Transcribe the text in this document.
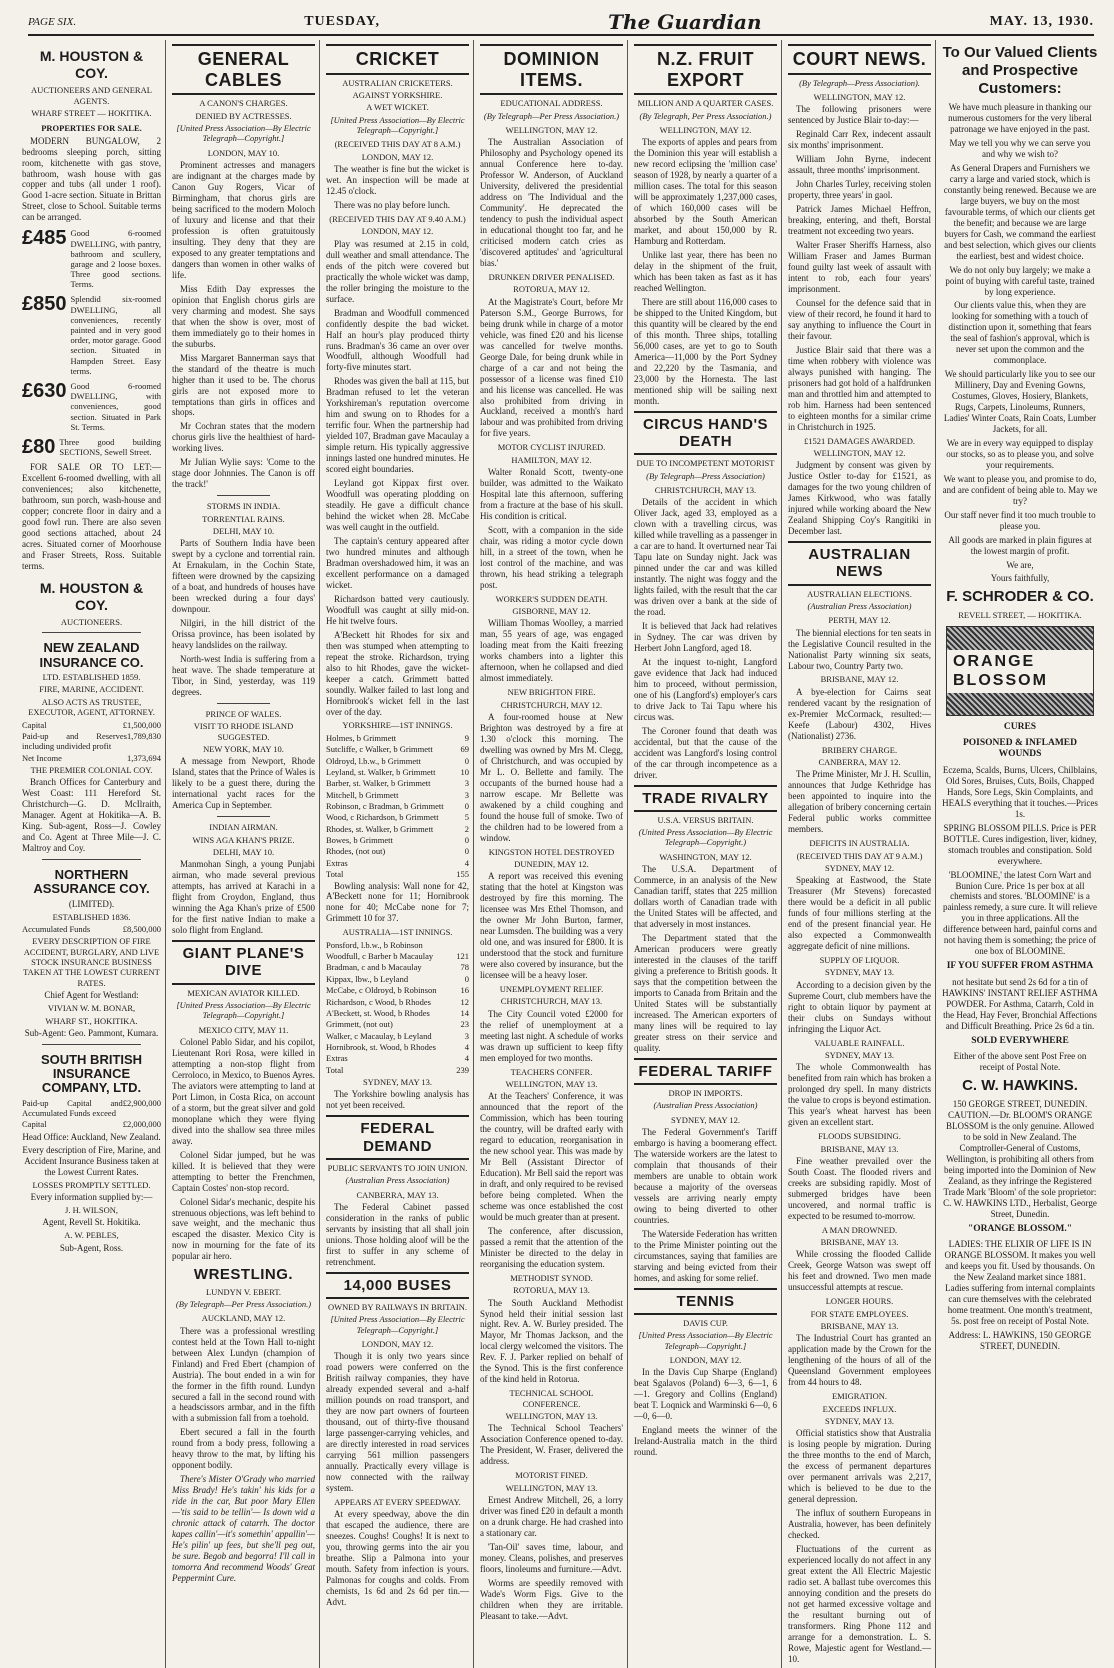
PAGE SIX.	TUESDAY,	The Guardian	MAY. 13, 1930.
M. HOUSTON & COY.
AUCTIONEERS AND GENERAL AGENTS.
WHARF STREET — HOKITIKA.
PROPERTIES FOR SALE.

MODERN BUNGALOW, 2 bedrooms sleeping porch, sitting room, kitchenette with gas stove, bathroom, wash house with gas copper and tubs (all under 1 roof). Good 1-acre section. Situate in Brittan Street, close to School. Suitable terms can be arranged.

£485 Good 6-roomed DWELLING, with pantry, bathroom and scullery, garage and 2 loose boxes. Three good sections. Terms.
£850 Splendid six-roomed DWELLING, all conveniences, recently painted and in very good order, motor garage. Good section. Situated in Hampden Street. Easy terms.
£630 Good 6-roomed DWELLING, with conveniences, good section. Situated in Park St. Terms.
£80 Three good building SECTIONS, Sewell Street.

FOR SALE OR TO LET:—Excellent 6-roomed dwelling, with all conveniences; also kitchenette, bathroom, sun porch, wash-house and copper; concrete floor in dairy and a good fowl run. There are also seven good sections attached, about 24 acres. Situated corner of Moorhouse and Fraser Streets, Ross. Suitable terms.

M. HOUSTON & COY.
AUCTIONEERS.
NEW ZEALAND INSURANCE CO.
LTD. ESTABLISHED 1859.
FIRE, MARINE, ACCIDENT.
ALSO ACTS AS TRUSTEE, EXECUTOR, AGENT, ATTORNEY.
Capital	£1,500,000
Paid-up and Reserves including undivided profit
1,789,830
Net Income	1,373,694
THE PREMIER COLONIAL COY.

Branch Offices for Canterbury and West Coast: 111 Hereford St. Christchurch—G. D. McIlraith, Manager. Agent at Hokitika—A. B. King. Sub-agent, Ross—J. Cowley and Co. Agent at Three Mile—J. C. Maltroy and Coy.

NORTHERN ASSURANCE COY.
(LIMITED).
ESTABLISHED 1836.
Accumulated Funds	£8,500,000
EVERY DESCRIPTION OF FIRE ACCIDENT, BURGLARY, AND LIVE STOCK INSURANCE BUSINESS TAKEN AT THE LOWEST CURRENT RATES.
Chief Agent for Westland:
VIVIAN W. M. BONAR,
WHARF ST., HOKITIKA.
Sub-Agent: Geo. Pammont, Kumara.
SOUTH BRITISH INSURANCE COMPANY, LTD.
Paid-up Capital and Accumulated Funds exceed
£2,900,000
Capital	£2,000,000
Head Office: Auckland, New Zealand.
Every description of Fire, Marine, and Accident Insurance Business taken at the Lowest Current Rates.
LOSSES PROMPTLY SETTLED.
Every information supplied by:—
J. H. WILSON,
Agent, Revell St. Hokitika.
A. W. PEBLES,
Sub-Agent, Ross.
GENERAL CABLES
A CANON'S CHARGES.
DENIED BY ACTRESSES.
[United Press Association—By Electric Telegraph—Copyright.]
LONDON, MAY 10.

Prominent actresses and managers are indignant at the charges made by Canon Guy Rogers, Vicar of Birmingham, that chorus girls are being sacrificed to the modern Moloch of luxury and license and that their profession is often gratuitously insulting. They deny that they are exposed to any greater temptations and dangers than women in other walks of life.

Miss Edith Day expresses the opinion that English chorus girls are very charming and modest. She says that when the show is over, most of them immediately go to their homes in the suburbs.

Miss Margaret Bannerman says that the standard of the theatre is much higher than it used to be. The chorus girls are not exposed more to temptations than girls in offices and shops.

Mr Cochran states that the modern chorus girls live the healthiest of hard-working lives.

Mr Julian Wylie says: 'Come to the stage door Johnnies. The Canon is off the track!'

STORMS IN INDIA.
TORRENTIAL RAINS.
DELHI, MAY 10.

Parts of Southern India have been swept by a cyclone and torrential rain. At Ernakulam, in the Cochin State, fifteen were drowned by the capsizing of a boat, and hundreds of houses have been wrecked during a four days' downpour.

Nilgiri, in the hill district of the Orissa province, has been isolated by heavy landslides on the railway.

North-west India is suffering from a heat wave. The shade temperature at Tibor, in Sind, yesterday, was 119 degrees.

PRINCE OF WALES.
VISIT TO RHODE ISLAND SUGGESTED.
NEW YORK, MAY 10.

A message from Newport, Rhode Island, states that the Prince of Wales is likely to be a guest there, during the international yacht races for the America Cup in September.

INDIAN AIRMAN.
WINS AGA KHAN'S PRIZE.
DELHI, MAY 10.

Manmohan Singh, a young Punjabi airman, who made several previous attempts, has arrived at Karachi in a flight from Croydon, England, thus winning the Aga Khan's prize of £500 for the first native Indian to make a solo flight from England.

GIANT PLANE'S DIVE
MEXICAN AVIATOR KILLED.
[United Press Association—By Electric Telegraph—Copyright.]
MEXICO CITY, MAY 11.

Colonel Pablo Sidar, and his copilot, Lieutenant Rori Rosa, were killed in attempting a non-stop flight from Cerroloco, in Mexico, to Buenos Ayres. The aviators were attempting to land at Port Limon, in Costa Rica, on account of a storm, but the great silver and gold monoplane which they were flying dived into the shallow sea three miles away.

Colonel Sidar jumped, but he was killed. It is believed that they were attempting to better the Frenchmen, Captain Costes' non-stop record.

Colonel Sidar's mechanic, despite his strenuous objections, was left behind to save weight, and the mechanic thus escaped the disaster. Mexico City is now in mourning for the fate of its popular air hero.

WRESTLING.
LUNDYN V. EBERT.
(By Telegraph—Per Press Association.)
AUCKLAND, MAY 12.

There was a professional wrestling contest held at the Town Hall to-night between Alex Lundyn (champion of Finland) and Fred Ebert (champion of Austria). The bout ended in a win for the former in the fifth round. Lundyn secured a fall in the second round with a headscissors armbar, and in the fifth with a submission fall from a toehold.

Ebert secured a fall in the fourth round from a body press, following a heavy throw to the mat, by lifting his opponent bodily.

There's Mister O'Grady who married Miss Brady! He's takin' his kids for a ride in the car, But poor Mary Ellen—'tis said to be tellin'— Is down wid a chronic attack of catarrh. The doctor kapes callin'—it's somethin' appallin'— He's pilin' up fees, but she'll peg out, be sure. Begob and begorra! I'll call in tomorra And recommend Woods' Great Peppermint Cure.

CRICKET
AUSTRALIAN CRICKETERS.
AGAINST YORKSHIRE.
A WET WICKET.
[United Press Association—By Electric Telegraph—Copyright.]
(RECEIVED THIS DAY AT 8 A.M.)
LONDON, MAY 12.

The weather is fine but the wicket is wet. An inspection will be made at 12.45 o'clock.

There was no play before lunch.

(RECEIVED THIS DAY AT 9.40 A.M.)
LONDON, MAY 12.

Play was resumed at 2.15 in cold, dull weather and small attendance. The ends of the pitch were covered but practically the whole wicket was damp, the roller bringing the moisture to the surface.

Bradman and Woodfull commenced confidently despite the bad wicket. Half an hour's play produced thirty runs. Bradman's 36 came an over over Woodfull, although Woodfull had forty-five minutes start.

Rhodes was given the ball at 115, but Bradman refused to let the veteran Yorkshireman's reputation overcome him and swung on to Rhodes for a terrific four. When the partnership had yielded 107, Bradman gave Macaulay a simple return. His typically aggressive innings lasted one hundred minutes. He scored eight boundaries.

Leyland got Kippax first over. Woodfull was operating plodding on steadily. He gave a difficult chance behind the wicket when 28. McCabe was well caught in the outfield.

The captain's century appeared after two hundred minutes and although Bradman overshadowed him, it was an excellent performance on a damaged wicket.

Richardson batted very cautiously. Woodfull was caught at silly mid-on. He hit twelve fours.

A'Beckett hit Rhodes for six and then was stumped when attempting to repeat the stroke. Richardson, trying also to hit Rhodes, gave the wicket-keeper a catch. Grimmett batted soundly. Walker failed to last long and Hornibrook's wicket fell in the last over of the day.

YORKSHIRE—1ST INNINGS.
Holmes, b Grimmett	9
Sutcliffe, c Walker, b Grimmett	69
Oldroyd, l.b.w., b Grimmett	0
Leyland, st. Walker, b Grimmett	10
Barber, st. Walker, b Grimmett	3
Mitchell, b Grimmett	3
Robinson, c Bradman, b Grimmett 0
Wood, c Richardson, b Grimmett	5
Rhodes, st. Walker, b Grimmett	2
Bowes, b Grimmett	0
Rhodes, (not out)	0
Extras	4
Total	155

Bowling analysis: Wall none for 42, A'Beckett none for 11; Hornibrook none for 40; McCabe none for 7; Grimmett 10 for 37.

AUSTRALIA—1ST INNINGS.
Ponsford, l.b.w., b Robinson
Woodfull, c Barber b Macaulay	121
Bradman, c and b Macaulay	78
Kippax, lbw., b Leyland	0
McCabe, c Oldroyd, b Robinson	16
Richardson, c Wood, b Rhodes	12
A'Beckett, st. Wood, b Rhodes	14
Grimmett, (not out)	23
Walker, c Macaulay, b Leyland	3
Hornibrook, st. Wood, b Rhodes	4
Extras	4
Total	239
SYDNEY, MAY 13.

The Yorkshire bowling analysis has not yet been received.

FEDERAL DEMAND
PUBLIC SERVANTS TO JOIN UNION.
(Australian Press Association)
CANBERRA, MAY 13.

The Federal Cabinet passed consideration in the ranks of public servants by insisting that all shall join unions. Those holding aloof will be the first to suffer in any scheme of retrenchment.

14,000 BUSES
OWNED BY RAILWAYS IN BRITAIN.
[United Press Association—By Electric Telegraph—Copyright.]
LONDON, MAY 12.

Though it is only two years since road powers were conferred on the British railway companies, they have already expended several and a-half million pounds on road transport, and they are now part owners of fourteen thousand, out of thirty-five thousand large passenger-carrying vehicles, and are directly interested in road services carrying 561 million passengers annually. Practically every village is now connected with the railway system.

APPEARS AT EVERY SPEEDWAY.

At every speedway, above the din that escaped the audience, there are sneezes. Coughs! Coughs! It is next to you, throwing germs into the air you breathe. Slip a Palmona into your mouth. Safety from infection is yours. Palmonas for coughs and colds. From chemists, 1s 6d and 2s 6d per tin.—Advt.

DOMINION ITEMS.
EDUCATIONAL ADDRESS.
(By Telegraph—Per Press Association.)
WELLINGTON, MAY 12.

The Australian Association of Philosophy and Psychology opened its annual Conference here to-day. Professor W. Anderson, of Auckland University, delivered the presidential address on 'The Individual and the Community'. He deprecated the tendency to push the individual aspect in educational thought too far, and he criticised modern catch cries as 'discovered aptitudes' and 'agricultural bias.'

DRUNKEN DRIVER PENALISED.
ROTORUA, MAY 12.

At the Magistrate's Court, before Mr Paterson S.M., George Burrows, for being drunk while in charge of a motor vehicle, was fined £20 and his license was cancelled for twelve months. George Dale, for being drunk while in charge of a car and not being the possessor of a license was fined £10 and his license was cancelled. He was also prohibited from driving in Auckland, received a month's hard labour and was prohibited from driving for five years.

MOTOR CYCLIST INJURED.
HAMILTON, MAY 12.

Walter Ronald Scott, twenty-one builder, was admitted to the Waikato Hospital late this afternoon, suffering from a fracture at the base of his skull. His condition is critical.

Scott, with a companion in the side chair, was riding a motor cycle down hill, in a street of the town, when he lost control of the machine, and was thrown, his head striking a telegraph post.

WORKER'S SUDDEN DEATH.
GISBORNE, MAY 12.

William Thomas Woolley, a married man, 55 years of age, was engaged loading meat from the Kaiti freezing works chambers into a lighter this afternoon, when he collapsed and died almost immediately.

NEW BRIGHTON FIRE.
CHRISTCHURCH, MAY 12.

A four-roomed house at New Brighton was destroyed by a fire at 1.30 o'clock this morning. The dwelling was owned by Mrs M. Clegg, of Christchurch, and was occupied by Mr L. O. Bellette and family. The occupants of the burned house had a narrow escape. Mr Bellette was awakened by a child coughing and found the house full of smoke. Two of the children had to be lowered from a window.

KINGSTON HOTEL DESTROYED
DUNEDIN, MAY 12.

A report was received this evening stating that the hotel at Kingston was destroyed by fire this morning. The licensee was Mrs Ethel Thomson, and the owner Mr John Burton, farmer, near Lumsden. The building was a very old one, and was insured for £800. It is understood that the stock and furniture were also covered by insurance, but the licensee will be a heavy loser.

UNEMPLOYMENT RELIEF.
CHRISTCHURCH, MAY 13.

The City Council voted £2000 for the relief of unemployment at a meeting last night. A schedule of works was drawn up sufficient to keep fifty men employed for two months.

TEACHERS CONFER.
WELLINGTON, MAY 13.

At the Teachers' Conference, it was announced that the report of the Commission, which has been touring the country, will be drafted early with regard to education, reorganisation in the new school year. This was made by Mr Bell (Assistant Director of Education). Mr Bell said the report was in draft, and only required to be revised before being completed. When the scheme was once established the cost would be much greater than at present.

The conference, after discussion, passed a remit that the attention of the Minister be directed to the delay in reorganising the education system.

METHODIST SYNOD.
ROTORUA, MAY 13.

The South Auckland Methodist Synod held their initial session last night. Rev. A. W. Burley presided. The Mayor, Mr Thomas Jackson, and the local clergy welcomed the visitors. The Rev. F. J. Parker replied on behalf of the Synod. This is the first conference of the kind held in Rotorua.

TECHNICAL SCHOOL CONFERENCE.
WELLINGTON, MAY 13.

The Technical School Teachers' Association Conference opened to-day. The President, W. Fraser, delivered the address.

MOTORIST FINED.
WELLINGTON, MAY 13.

Ernest Andrew Mitchell, 26, a lorry driver was fined £20 in default a month on a drunk charge. He had crashed into a stationary car.

'Tan-Oil' saves time, labour, and money. Cleans, polishes, and preserves floors, linoleums and furniture.—Advt.

Worms are speedily removed with Wade's Worm Figs. Give to the children when they are irritable. Pleasant to take.—Advt.

N.Z. FRUIT EXPORT
MILLION AND A QUARTER CASES.
(By Telegraph, Per Press Association.)
WELLINGTON, MAY 12.

The exports of apples and pears from the Dominion this year will establish a new record eclipsing the 'million case' season of 1928, by nearly a quarter of a million cases. The total for this season will be approximately 1,237,000 cases, of which 160,000 cases will be absorbed by the South American market, and about 150,000 by R. Hamburg and Rotterdam.

Unlike last year, there has been no delay in the shipment of the fruit, which has been taken as fast as it has reached Wellington.

There are still about 116,000 cases to be shipped to the United Kingdom, but this quantity will be cleared by the end of this month. Three ships, totalling 56,000 cases, are yet to go to South America—11,000 by the Port Sydney and 22,220 by the Tasmania, and 23,000 by the Hornesta. The last mentioned ship will be sailing next month.

CIRCUS HAND'S DEATH
DUE TO INCOMPETENT MOTORIST
(By Telegraph—Press Association)
CHRISTCHURCH, MAY 13.

Details of the accident in which Oliver Jack, aged 33, employed as a clown with a travelling circus, was killed while travelling as a passenger in a car are to hand. It overturned near Tai Tapu late on Sunday night. Jack was pinned under the car and was killed instantly. The night was foggy and the lights failed, with the result that the car was driven over a bank at the side of the road.

It is believed that Jack had relatives in Sydney. The car was driven by Herbert John Langford, aged 18.

At the inquest to-night, Langford gave evidence that Jack had induced him to proceed, without permission, one of his (Langford's) employer's cars to drive Jack to Tai Tapu where his circus was.

The Coroner found that death was accidental, but that the cause of the accident was Langford's losing control of the car through incompetence as a driver.

TRADE RIVALRY
U.S.A. VERSUS BRITAIN.
(United Press Association—By Electric Telegraph—Copyright.)
WASHINGTON, MAY 12.

The U.S.A. Department of Commerce, in an analysis of the New Canadian tariff, states that 225 million dollars worth of Canadian trade with the United States will be affected, and that adversely in most instances.

The Department stated that the American producers were greatly interested in the clauses of the tariff giving a preference to British goods. It says that the competition between the imports to Canada from Britain and the United States will be substantially increased. The American exporters of many lines will be required to lay greater stress on their service and quality.

FEDERAL TARIFF
DROP IN IMPORTS.
(Australian Press Association)
SYDNEY, MAY 12.

The Federal Government's Tariff embargo is having a boomerang effect. The waterside workers are the latest to complain that thousands of their members are unable to obtain work because a majority of the overseas vessels are arriving nearly empty owing to being diverted to other countries.

The Waterside Federation has written to the Prime Minister pointing out the circumstances, saying that families are starving and being evicted from their homes, and asking for some relief.

TENNIS
DAVIS CUP.
[United Press Association—By Electric Telegraph—Copyright.]
LONDON, MAY 12.

In the Davis Cup Sharpe (England) beat Sgalavos (Poland) 6—3, 6—1, 6—1. Gregory and Collins (England) beat T. Loqnick and Warminski 6—0, 6—0, 6—0.

England meets the winner of the Ireland-Australia match in the third round.

COURT NEWS.
(By Telegraph—Press Association).
WELLINGTON, MAY 12.

The following prisoners were sentenced by Justice Blair to-day:—

Reginald Carr Rex, indecent assault six months' imprisonment.

William John Byrne, indecent assault, three months' imprisonment.

John Charles Turley, receiving stolen property, three years' in gaol.

Patrick James Michael Heffron, breaking, entering, and theft, Borstal treatment not exceeding two years.

Walter Fraser Sheriffs Harness, also William Fraser and James Burman found guilty last week of assault with intent to rob, each four years' imprisonment.

Counsel for the defence said that in view of their record, he found it hard to say anything to influence the Court in their favour.

Justice Blair said that there was a time when robbery with violence was always punished with hanging. The prisoners had got hold of a halfdrunken man and throttled him and attempted to rob him. Harness had been sentenced to eighteen months for a similar crime in Christchurch in 1925.

£1521 DAMAGES AWARDED.
WELLINGTON, MAY 12.

Judgment by consent was given by Justice Ostler to-day for £1521, as damages for the two young children of James Kirkwood, who was fatally injured while working aboard the New Zealand Shipping Coy's Rangitiki in December last.

AUSTRALIAN NEWS
AUSTRALIAN ELECTIONS.
(Australian Press Association)
PERTH, MAY 12.

The biennial elections for ten seats in the Legislative Council resulted in the Nationalist Party winning six seats, Labour two, Country Party two.

BRISBANE, MAY 12.

A bye-election for Cairns seat rendered vacant by the resignation of ex-Premier McCormack, resulted:—Keefe (Labour) 4302, Hives (Nationalist) 2736.

BRIBERY CHARGE.
CANBERRA, MAY 12.

The Prime Minister, Mr J. H. Scullin, announces that Judge Kethridge has been appointed to inquire into the allegation of bribery concerning certain Federal public works committee members.

DEFICITS IN AUSTRALIA.
(RECEIVED THIS DAY AT 9 A.M.)
SYDNEY, MAY 12.

Speaking at Eastwood, the State Treasurer (Mr Stevens) forecasted there would be a deficit in all public funds of four millions sterling at the end of the present financial year. He also expected a Commonwealth aggregate deficit of nine millions.

SUPPLY OF LIQUOR.
SYDNEY, MAY 13.

According to a decision given by the Supreme Court, club members have the right to obtain liquor by payment at their clubs on Sundays without infringing the Liquor Act.

VALUABLE RAINFALL.
SYDNEY, MAY 13.

The whole Commonwealth has benefited from rain which has broken a prolonged dry spell. In many districts the value to crops is beyond estimation. This year's wheat harvest has been given an excellent start.

FLOODS SUBSIDING.
BRISBANE, MAY 13.

Fine weather prevailed over the South Coast. The flooded rivers and creeks are subsiding rapidly. Most of submerged bridges have been uncovered, and normal traffic is expected to be resumed to-morrow.

A MAN DROWNED.
BRISBANE, MAY 13.

While crossing the flooded Callide Creek, George Watson was swept off his feet and drowned. Two men made unsuccessful attempts at rescue.

LONGER HOURS.
FOR STATE EMPLOYEES.
BRISBANE, MAY 13.

The Industrial Court has granted an application made by the Crown for the lengthening of the hours of all of the Queensland Government employees from 44 hours to 48.

EMIGRATION.
EXCEEDS INFLUX.
SYDNEY, MAY 13.

Official statistics show that Australia is losing people by migration. During the three months to the end of March, the excess of permanent departures over permanent arrivals was 2,217, which is believed to be due to the general depression.

The influx of southern Europeans in Australia, however, has been definitely checked.

Fluctuations of the current as experienced locally do not affect in any great extent the All Electric Majestic radio set. A ballast tube overcomes this annoying condition and the presets do not get harmed excessive voltage and the resultant burning out of transformers. Ring Phone 112 and arrange for a demonstration. L. S. Rowe, Majestic agent for Westland.—10.

To Our Valued Clients and Prospective Customers:

We have much pleasure in thanking our numerous customers for the very liberal patronage we have enjoyed in the past.

May we tell you why we can serve you and why we wish to?

As General Drapers and Furnishers we carry a large and varied stock, which is constantly being renewed. Because we are large buyers, we buy on the most favourable terms, of which our clients get the benefit; and because we are large buyers for Cash, we command the earliest and best selection, which gives our clients the earliest, best and widest choice.

We do not only buy largely; we make a point of buying with careful taste, trained by long experience.

Our clients value this, when they are looking for something with a touch of distinction upon it, something that fears the seal of fashion's approval, which is never set upon the common and the commonplace.

We should particularly like you to see our Millinery, Day and Evening Gowns, Costumes, Gloves, Hosiery, Blankets, Rugs, Carpets, Linoleums, Runners, Ladies' Winter Coats, Rain Coats, Lumber Jackets, for all.

We are in every way equipped to display our stocks, so as to please you, and solve your requirements.

We want to please you, and promise to do, and are confident of being able to. May we try?

Our staff never find it too much trouble to please you.

All goods are marked in plain figures at the lowest margin of profit.

We are,
Yours faithfully,
F. SCHRODER & CO.
REVELL STREET, — HOKITIKA.
ORANGE BLOSSOM
CURES
POISONED & INFLAMED WOUNDS

Eczema, Scalds, Burns, Ulcers, Chilblains, Old Sores, Bruises, Cuts, Boils, Chapped Hands, Sore Legs, Skin Complaints, and HEALS everything that it touches.—Prices 1s.

SPRING BLOSSOM PILLS. Price is PER BOTTLE. Cures indigestion, liver, kidney, stomach troubles and constipation. Sold everywhere.

'BLOOMINE,' the latest Corn Wart and Bunion Cure. Price 1s per box at all chemists and stores. 'BLOOMINE' is a painless remedy, a sure cure. It will relieve you in three applications. All the difference between hard, painful corns and not having them is something; the price of one box of BLOOMINE.

IF YOU SUFFER FROM ASTHMA

not hesitate but send 2s 6d for a tin of HAWKINS' INSTANT RELIEF ASTHMA POWDER. For Asthma, Catarrh, Cold in the Head, Hay Fever, Bronchial Affections and Difficult Breathing. Price 2s 6d a tin.

SOLD EVERYWHERE

Either of the above sent Post Free on receipt of Postal Note.

C. W. HAWKINS.

150 GEORGE STREET, DUNEDIN. CAUTION.—Dr. BLOOM'S ORANGE BLOSSOM is the only genuine. Allowed to be sold in New Zealand. The Comptroller-General of Customs, Wellington, is prohibiting all others from being imported into the Dominion of New Zealand, as they infringe the Registered Trade Mark 'Bloom' of the sole proprietor: C. W. HAWKINS LTD., Herbalist, George Street, Dunedin.

"ORANGE BLOSSOM."

LADIES: THE ELIXIR OF LIFE IS IN ORANGE BLOSSOM. It makes you well and keeps you fit. Used by thousands. On the New Zealand market since 1881. Ladies suffering from internal complaints can cure themselves with the celebrated home treatment. One month's treatment, 5s. post free on receipt of Postal Note.

Address: L. HAWKINS, 150 GEORGE STREET, DUNEDIN.
